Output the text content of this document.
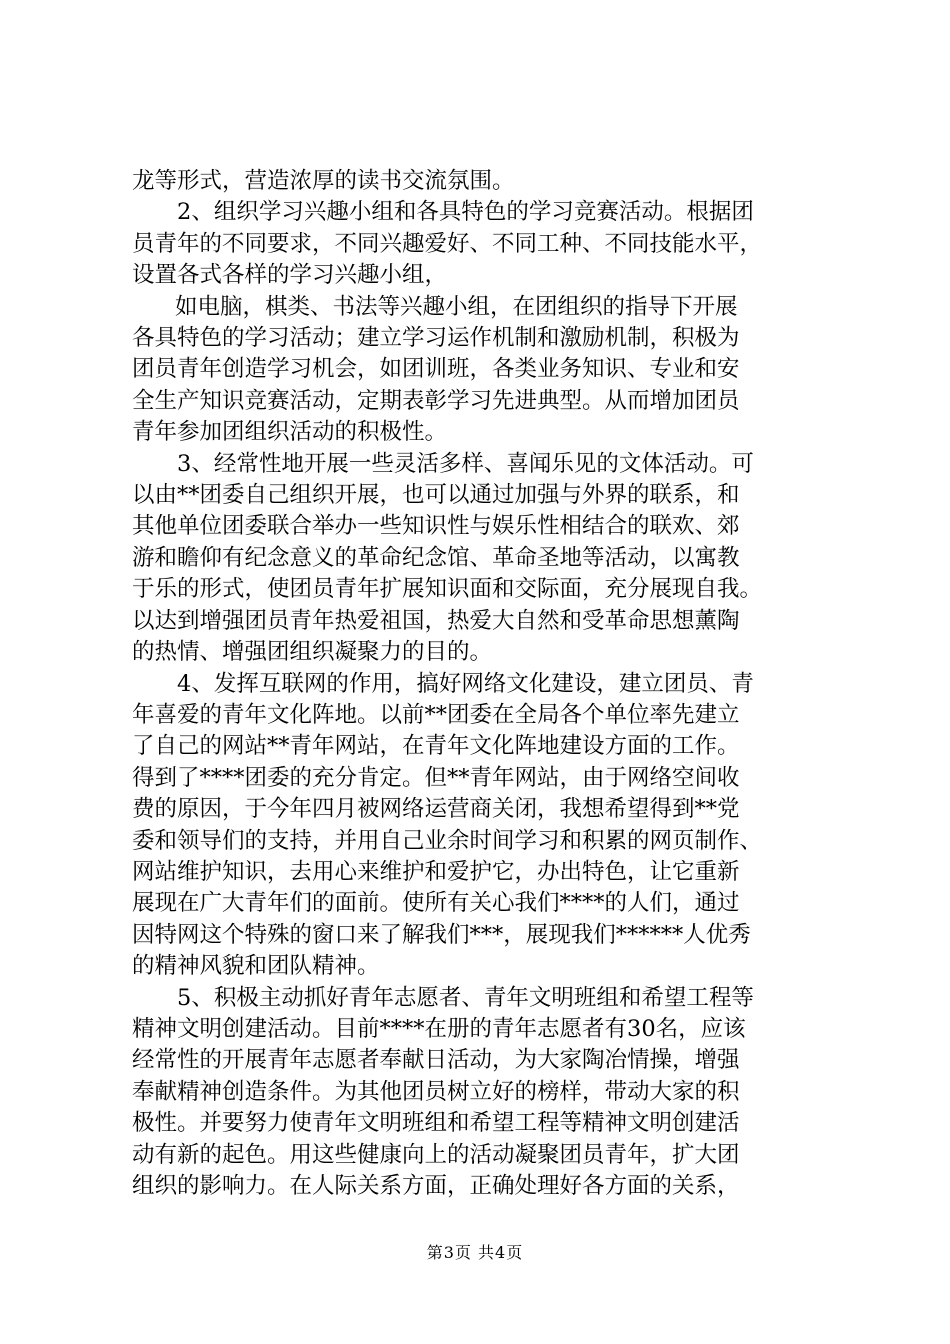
龙等形式，营造浓厚的读书交流氛围。
2、组织学习兴趣小组和各具特色的学习竞赛活动。根据团
员青年的不同要求，不同兴趣爱好、不同工种、不同技能水平，
设置各式各样的学习兴趣小组，
如电脑，棋类、书法等兴趣小组，在团组织的指导下开展
各具特色的学习活动；建立学习运作机制和激励机制，积极为
团员青年创造学习机会，如团训班，各类业务知识、专业和安
全生产知识竞赛活动，定期表彰学习先进典型。从而增加团员
青年参加团组织活动的积极性。
3、经常性地开展一些灵活多样、喜闻乐见的文体活动。可
以由**团委自己组织开展，也可以通过加强与外界的联系，和
其他单位团委联合举办一些知识性与娱乐性相结合的联欢、郊
游和瞻仰有纪念意义的革命纪念馆、革命圣地等活动，以寓教
于乐的形式，使团员青年扩展知识面和交际面，充分展现自我。
以达到增强团员青年热爱祖国，热爱大自然和受革命思想薰陶
的热情、增强团组织凝聚力的目的。
4、发挥互联网的作用，搞好网络文化建设，建立团员、青
年喜爱的青年文化阵地。以前**团委在全局各个单位率先建立
了自己的网站**青年网站，在青年文化阵地建设方面的工作。
得到了****团委的充分肯定。但**青年网站，由于网络空间收
费的原因，于今年四月被网络运营商关闭，我想希望得到**党
委和领导们的支持，并用自己业余时间学习和积累的网页制作、
网站维护知识，去用心来维护和爱护它，办出特色，让它重新
展现在广大青年们的面前。使所有关心我们****的人们，通过
因特网这个特殊的窗口来了解我们***，展现我们******人优秀
的精神风貌和团队精神。
5、积极主动抓好青年志愿者、青年文明班组和希望工程等
精神文明创建活动。目前****在册的青年志愿者有30名，应该
经常性的开展青年志愿者奉献日活动，为大家陶冶情操，增强
奉献精神创造条件。为其他团员树立好的榜样，带动大家的积
极性。并要努力使青年文明班组和希望工程等精神文明创建活
动有新的起色。用这些健康向上的活动凝聚团员青年，扩大团
组织的影响力。在人际关系方面，正确处理好各方面的关系，
第3页 共4页
